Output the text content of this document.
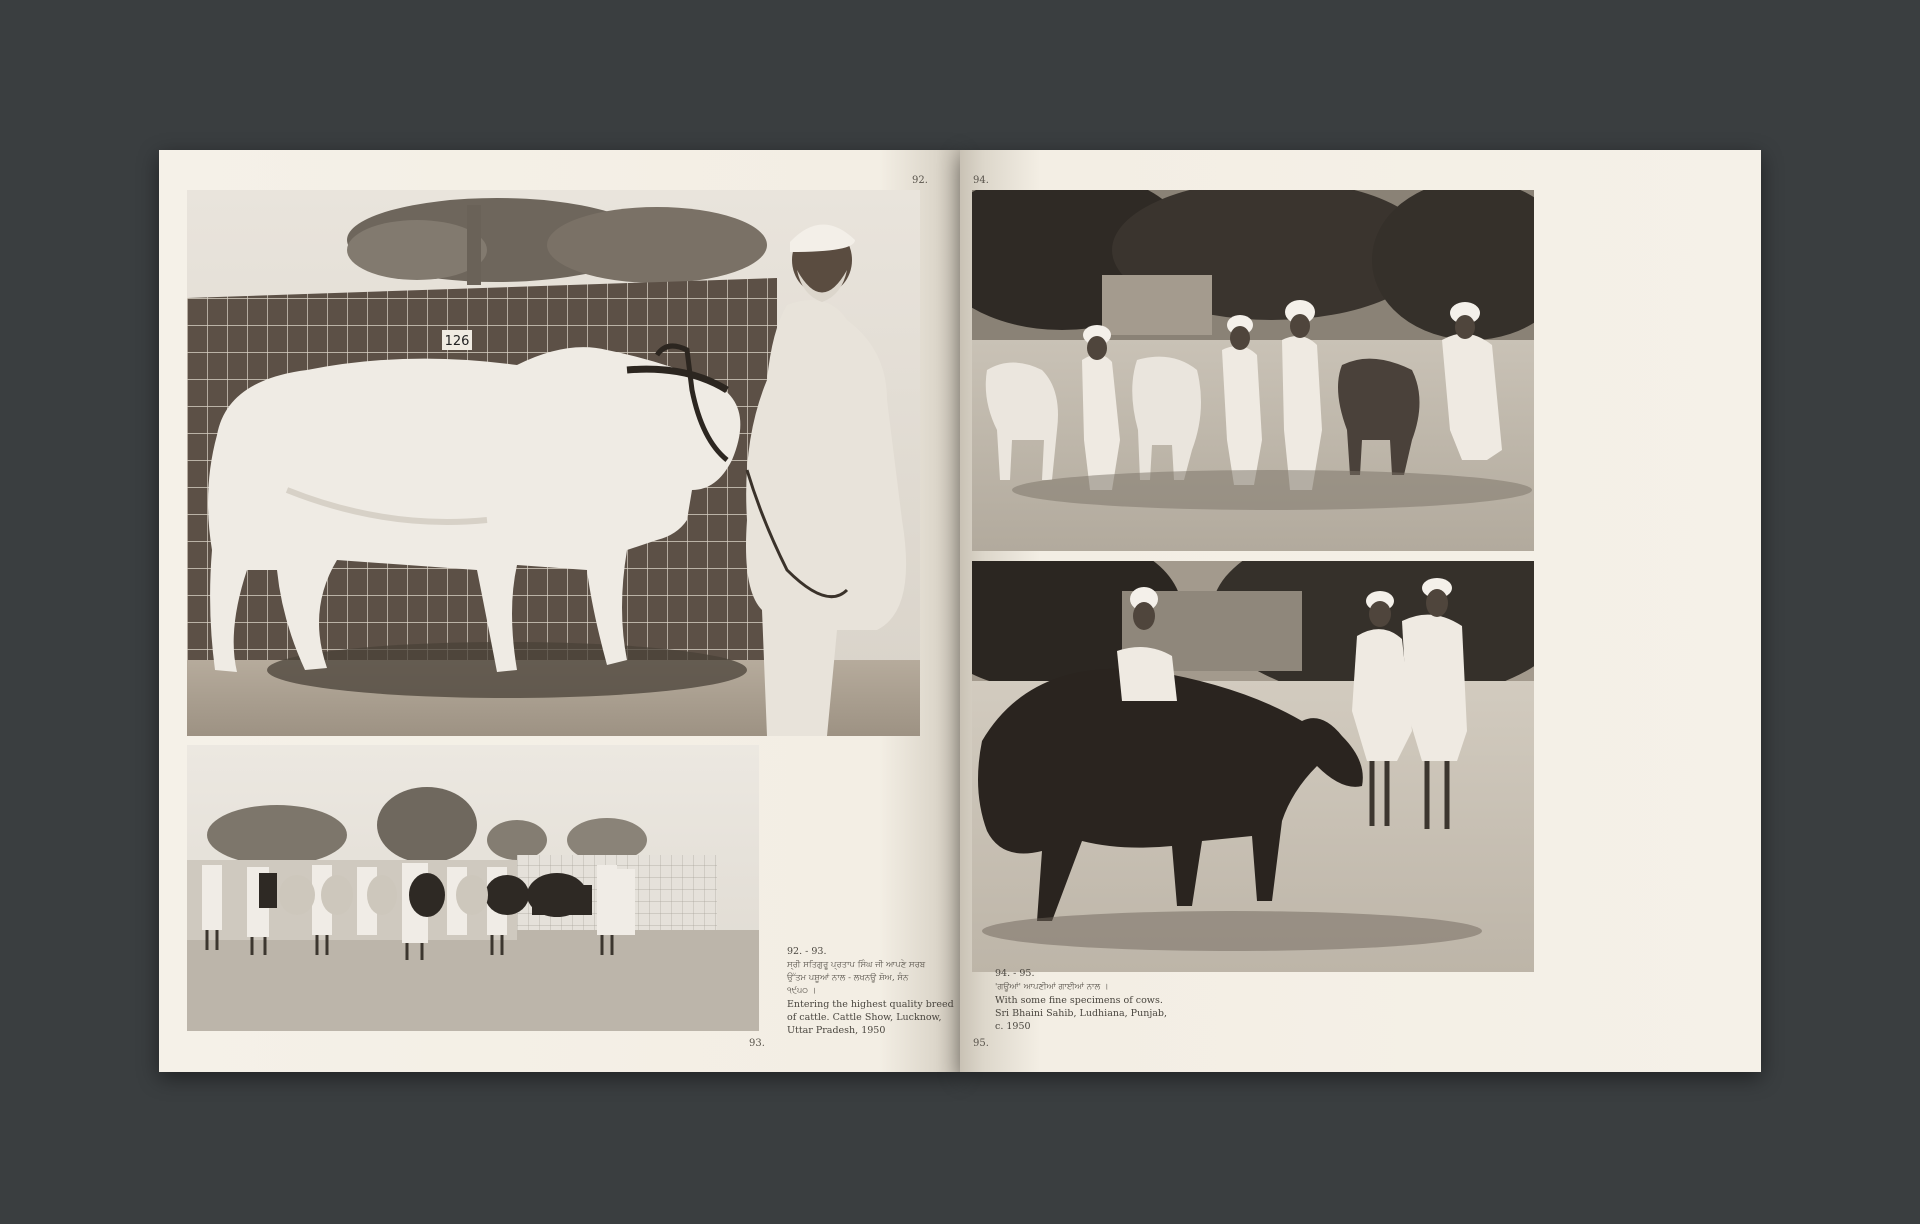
92.
126
92. - 93.
ਸ੍ਰੀ ਸਤਿਗੁਰੂ ਪ੍ਰਤਾਪ ਸਿੰਘ ਜੀ ਆਪਣੇ ਸਰਬ
ਉੱਤਮ ਪਸ਼ੂਆਂ ਨਾਲ - ਲਖਨਊ ਸ਼ੋਅ, ਸੰਨ
੧੯੫੦ ।
Entering the highest quality breed
of cattle. Cattle Show, Lucknow,
Uttar Pradesh, 1950
93.
94.
94. - 95.
'ਗਊਆਂ' ਆਪਣੀਆਂ ਗਾਈਆਂ ਨਾਲ ।
With some fine specimens of cows.
Sri Bhaini Sahib, Ludhiana, Punjab,
c. 1950
95.
